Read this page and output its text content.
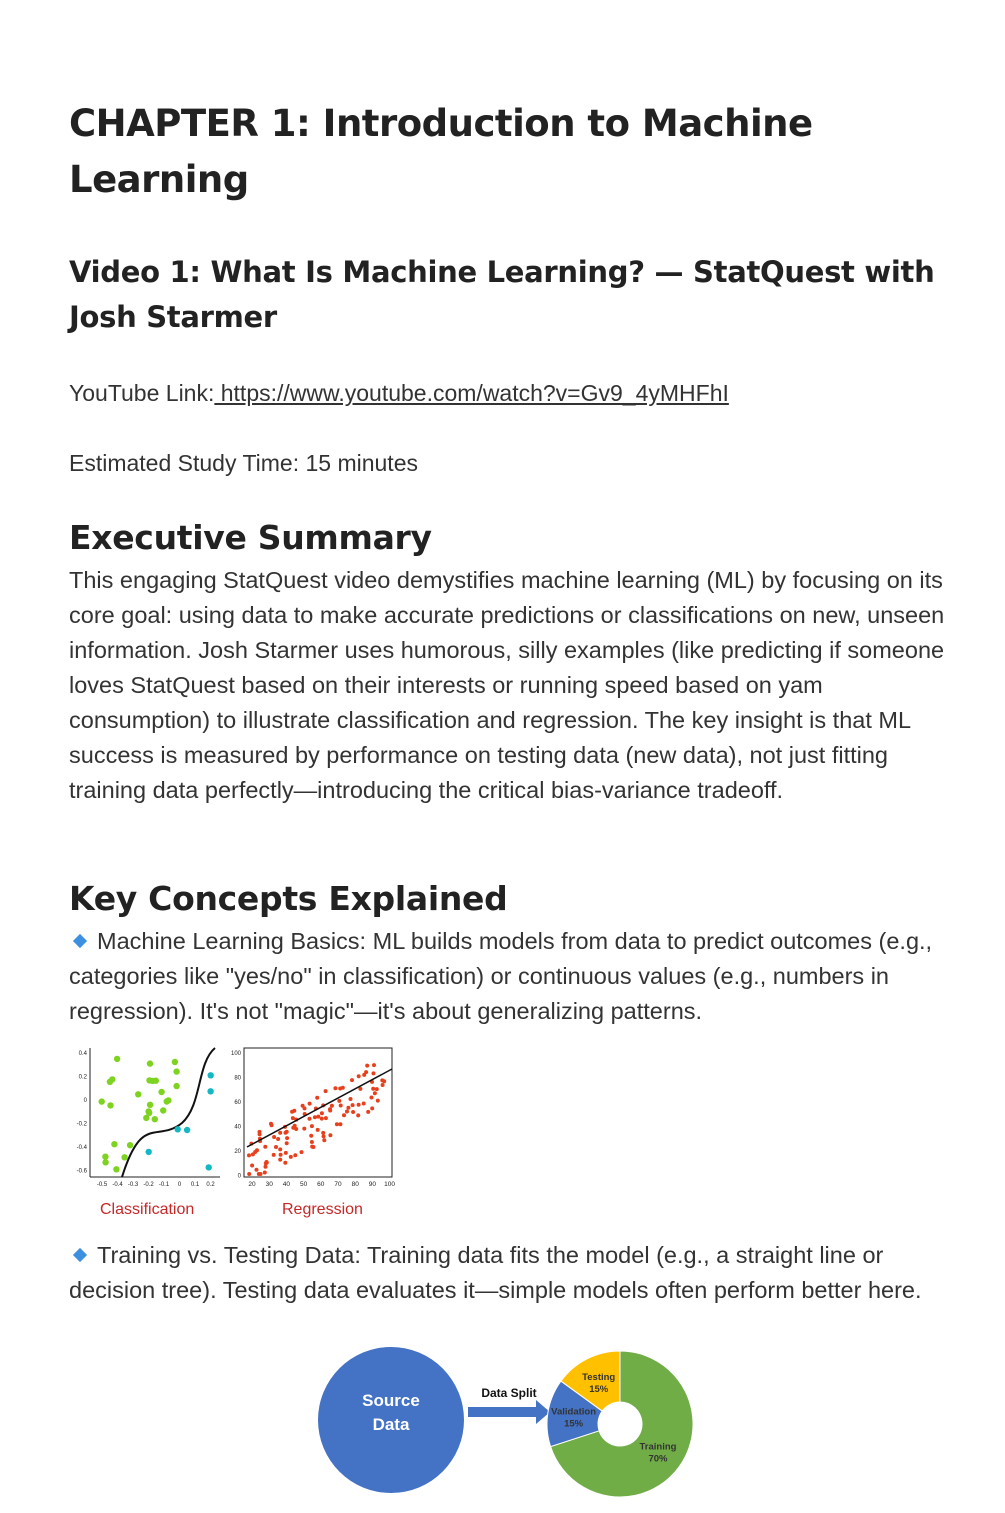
CHAPTER 1: Introduction to Machine Learning
Video 1: What Is Machine Learning? — StatQuest with Josh Starmer

YouTube Link: https://www.youtube.com/watch?v=Gv9_4yMHFhI

Estimated Study Time: 15 minutes

Executive Summary

This engaging StatQuest video demystifies machine learning (ML) by focusing on its core goal: using data to make accurate predictions or classifications on new, unseen information. Josh Starmer uses humorous, silly examples (like predicting if someone loves StatQuest based on their interests or running speed based on yam consumption) to illustrate classification and regression. The key insight is that ML success is measured by performance on testing data (new data), not just fitting training data perfectly—introducing the critical bias-variance tradeoff.

Key Concepts Explained

Machine Learning Basics: ML builds models from data to predict outcomes (e.g., categories like "yes/no" in classification) or continuous values (e.g., numbers in regression). It's not "magic"—it's about generalizing patterns.

Training vs. Testing Data: Training data fits the model (e.g., a straight line or decision tree). Testing data evaluates it—simple models often perform better here.

-0.5 -0.4 -0.3 -0.2 -0.1 0 0.1 0.2
0.4
0.2
0
-0.2
-0.4
-0.6
20 30 40 50 60 70 80 90 100
100
80
60
40
20
0
Classification	Regression
Source
Data
Data Split
Training
70%
Validation
15%
Testing
15%
